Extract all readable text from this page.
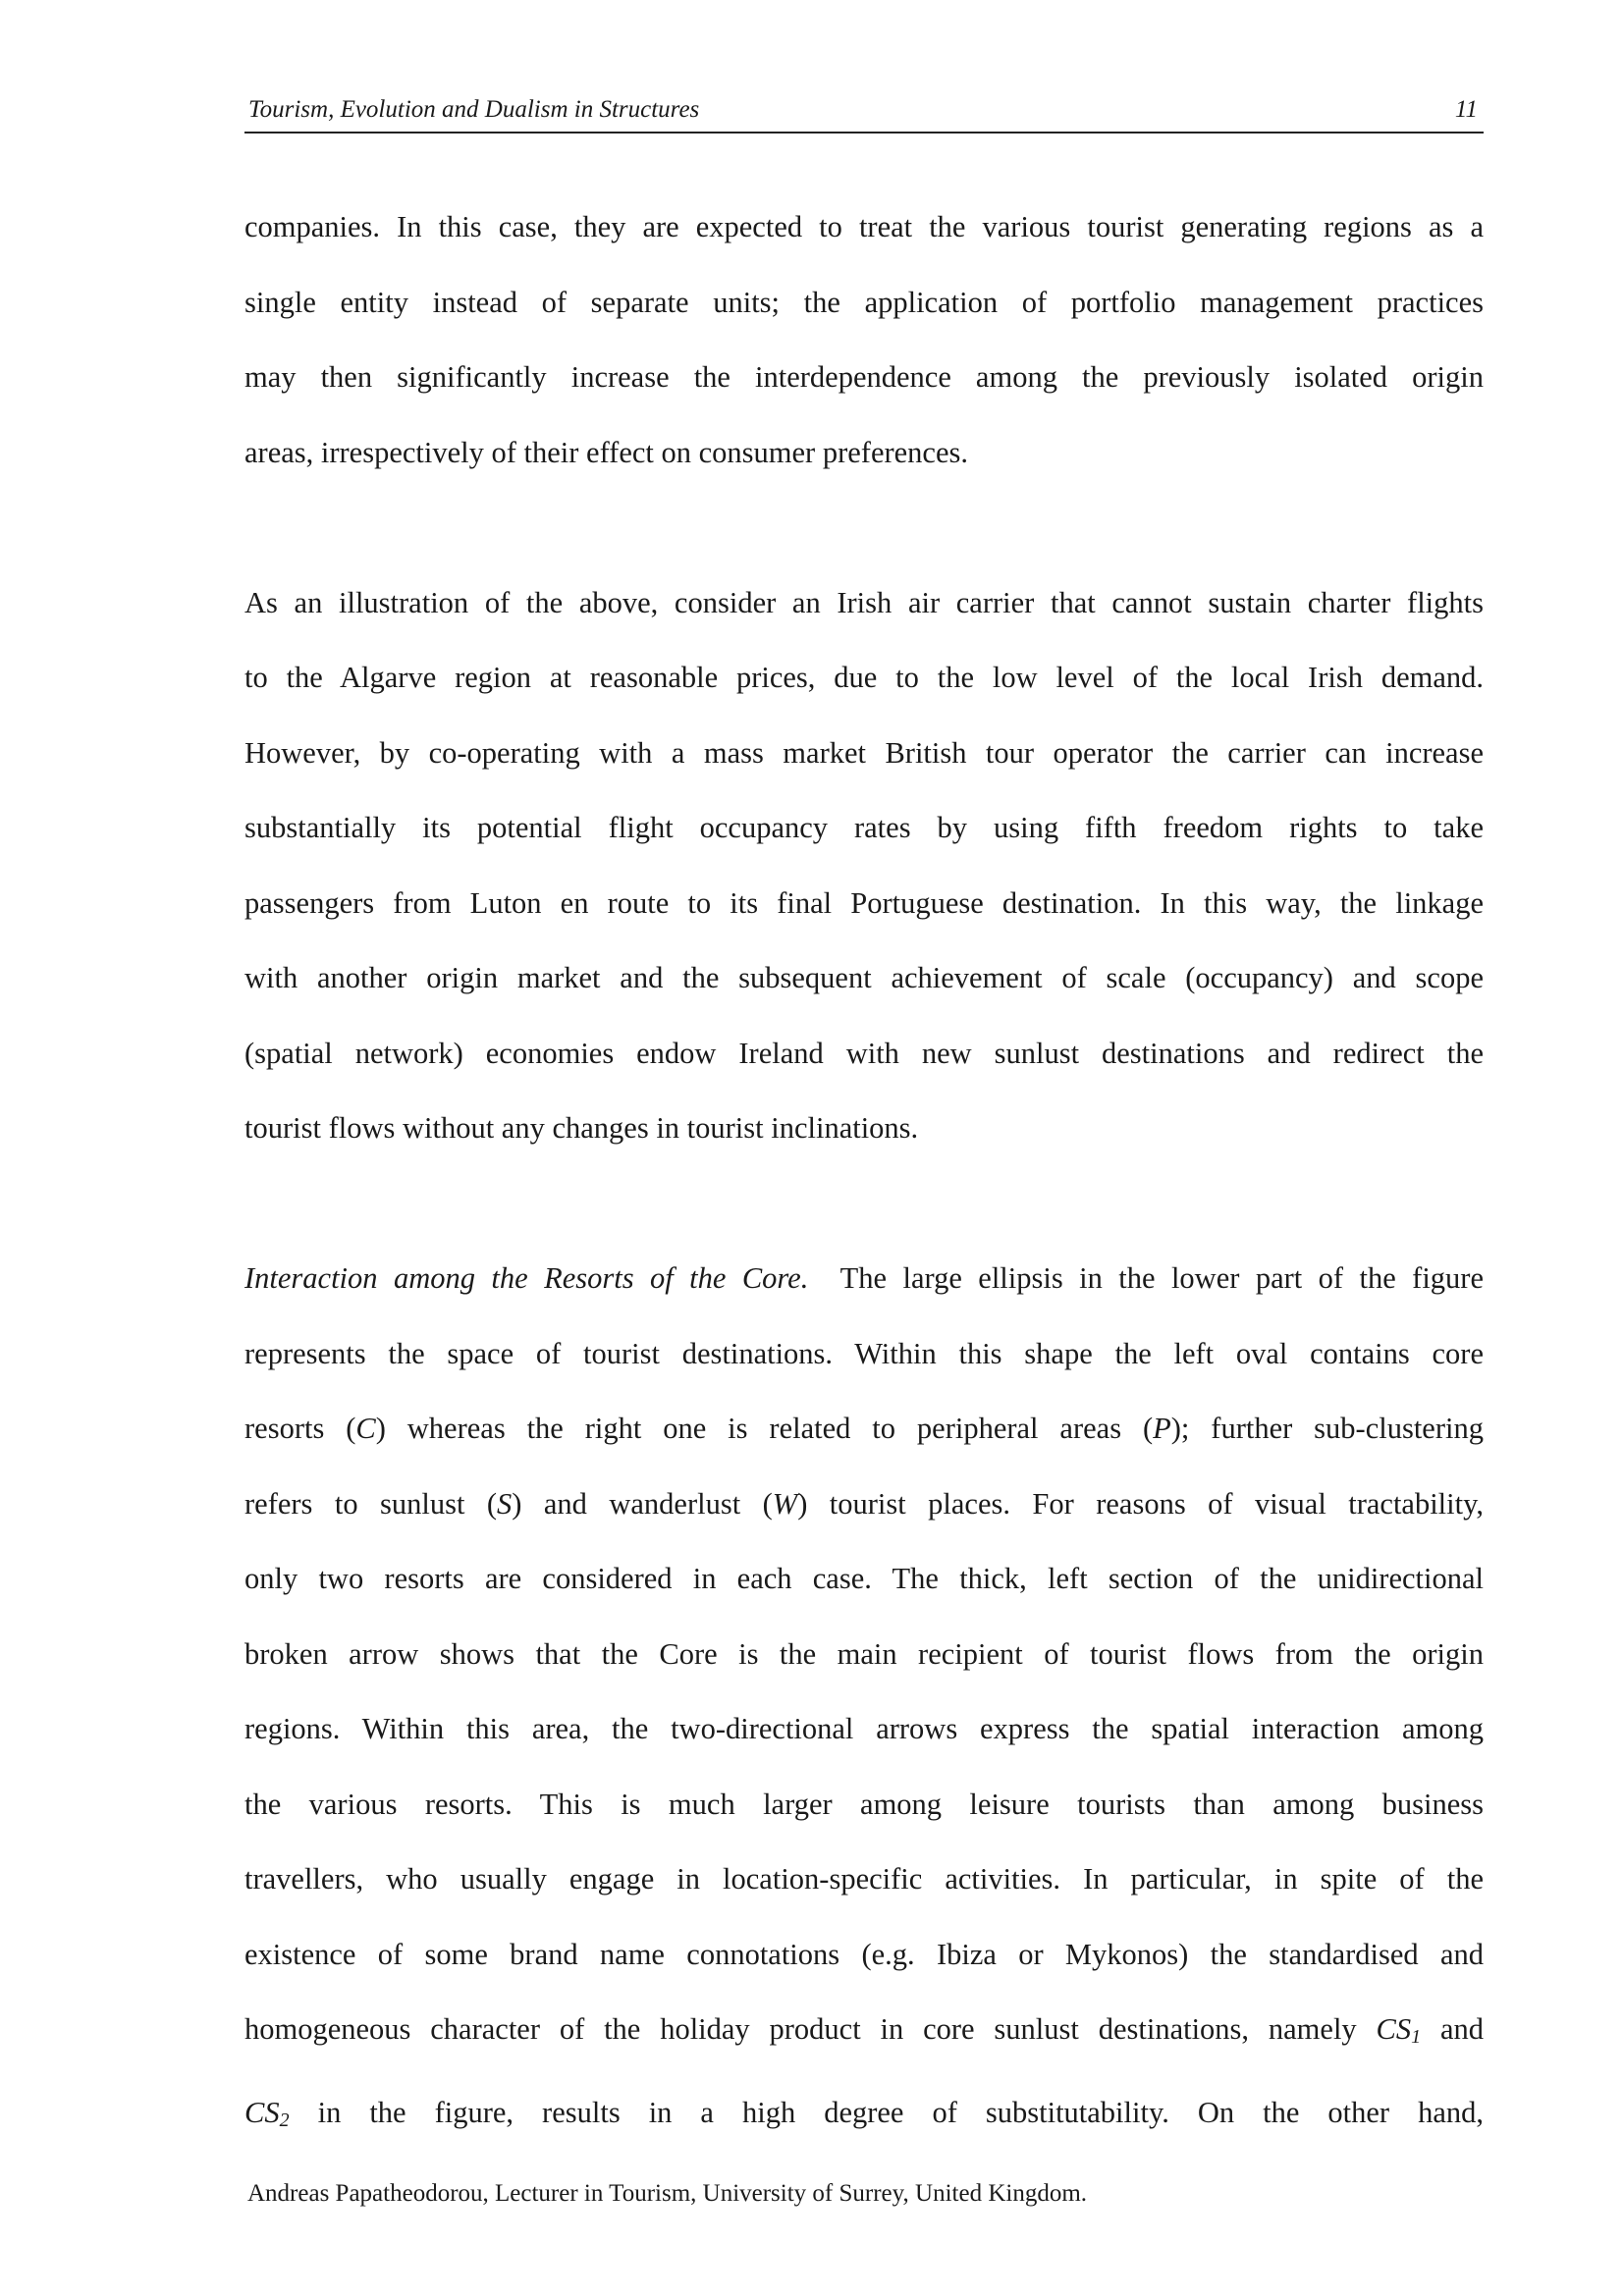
Tourism, Evolution and Dualism in Structures	11

companies. In this case, they are expected to treat the various tourist generating regions as a
single entity instead of separate units; the application of portfolio management practices
may then significantly increase the interdependence among the previously isolated origin
areas, irrespectively of their effect on consumer preferences.

As an illustration of the above, consider an Irish air carrier that cannot sustain charter flights
to the Algarve region at reasonable prices, due to the low level of the local Irish demand.
However, by co-operating with a mass market British tour operator the carrier can increase
substantially its potential flight occupancy rates by using fifth freedom rights to take
passengers from Luton en route to its final Portuguese destination. In this way, the linkage
with another origin market and the subsequent achievement of scale (occupancy) and scope
(spatial network) economies endow Ireland with new sunlust destinations and redirect the
tourist flows without any changes in tourist inclinations.

Interaction among the Resorts of the Core. The large ellipsis in the lower part of the figure
represents the space of tourist destinations. Within this shape the left oval contains core
resorts (C) whereas the right one is related to peripheral areas (P); further sub-clustering
refers to sunlust (S) and wanderlust (W) tourist places. For reasons of visual tractability,
only two resorts are considered in each case. The thick, left section of the unidirectional
broken arrow shows that the Core is the main recipient of tourist flows from the origin
regions. Within this area, the two-directional arrows express the spatial interaction among
the various resorts. This is much larger among leisure tourists than among business
travellers, who usually engage in location-specific activities. In particular, in spite of the
existence of some brand name connotations (e.g. Ibiza or Mykonos) the standardised and
homogeneous character of the holiday product in core sunlust destinations, namely $CS_1$ and
$CS_2$ in the figure, results in a high degree of substitutability. On the other hand,

Andreas Papatheodorou, Lecturer in Tourism, University of Surrey, United Kingdom.
